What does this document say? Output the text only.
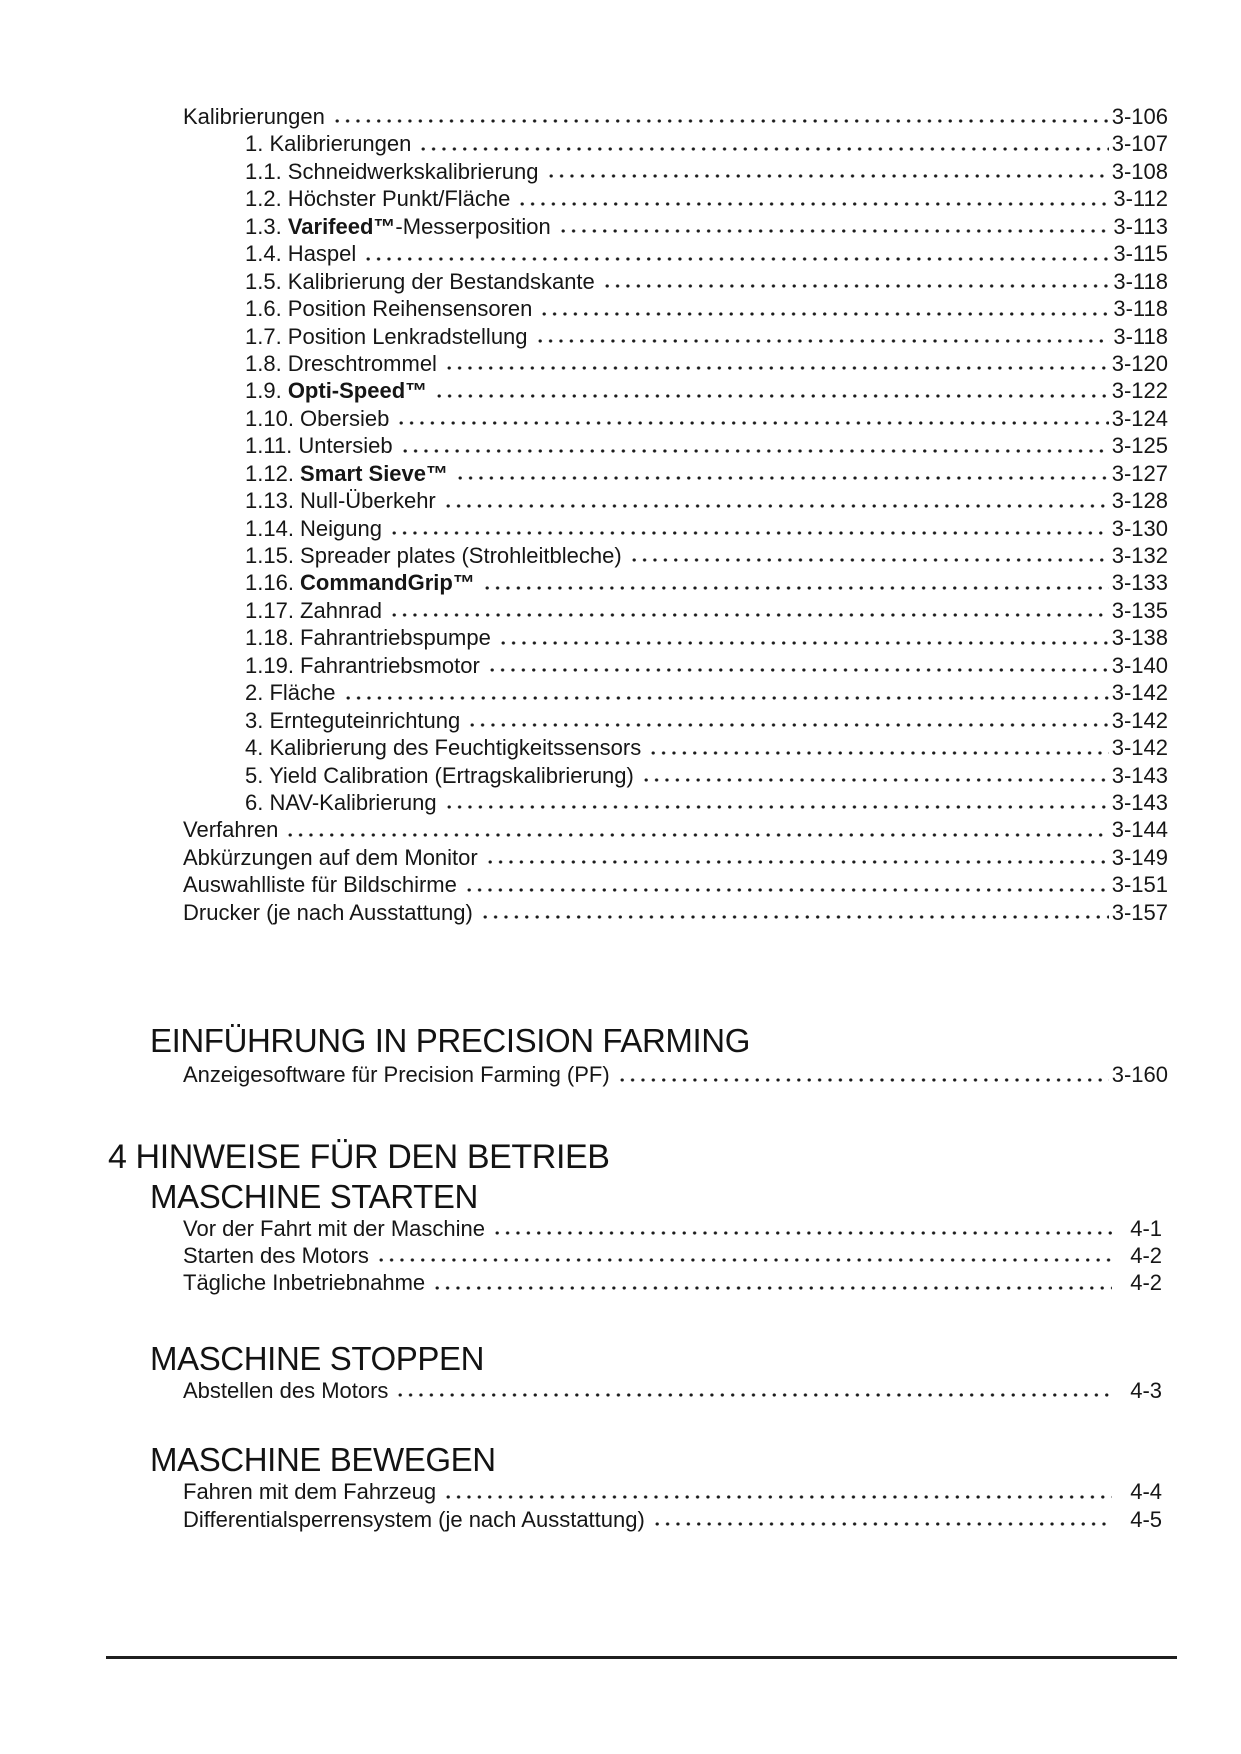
Kalibrierungen	3-106
1. Kalibrierungen	3-107
1.1. Schneidwerkskalibrierung	3-108
1.2. Höchster Punkt/Fläche	3-112
1.3. Varifeed™-Messerposition	3-113
1.4. Haspel	3-115
1.5. Kalibrierung der Bestandskante	3-118
1.6. Position Reihensensoren	3-118
1.7. Position Lenkradstellung	3-118
1.8. Dreschtrommel	3-120
1.9. Opti-Speed™	3-122
1.10. Obersieb	3-124
1.11. Untersieb	3-125
1.12. Smart Sieve™	3-127
1.13. Null-Überkehr	3-128
1.14. Neigung	3-130
1.15. Spreader plates (Strohleitbleche)	3-132
1.16. CommandGrip™	3-133
1.17. Zahnrad	3-135
1.18. Fahrantriebspumpe	3-138
1.19. Fahrantriebsmotor	3-140
2. Fläche	3-142
3. Ernteguteinrichtung	3-142
4. Kalibrierung des Feuchtigkeitssensors	3-142
5. Yield Calibration (Ertragskalibrierung)	3-143
6. NAV-Kalibrierung	3-143
Verfahren	3-144
Abkürzungen auf dem Monitor	3-149
Auswahlliste für Bildschirme	3-151
Drucker (je nach Ausstattung)	3-157
EINFÜHRUNG IN PRECISION FARMING
Anzeigesoftware für Precision Farming (PF)	3-160
4 HINWEISE FÜR DEN BETRIEB
MASCHINE STARTEN
Vor der Fahrt mit der Maschine	4-1
Starten des Motors	4-2
Tägliche Inbetriebnahme	4-2
MASCHINE STOPPEN
Abstellen des Motors	4-3
MASCHINE BEWEGEN
Fahren mit dem Fahrzeug	4-4
Differentialsperrensystem (je nach Ausstattung)	4-5
